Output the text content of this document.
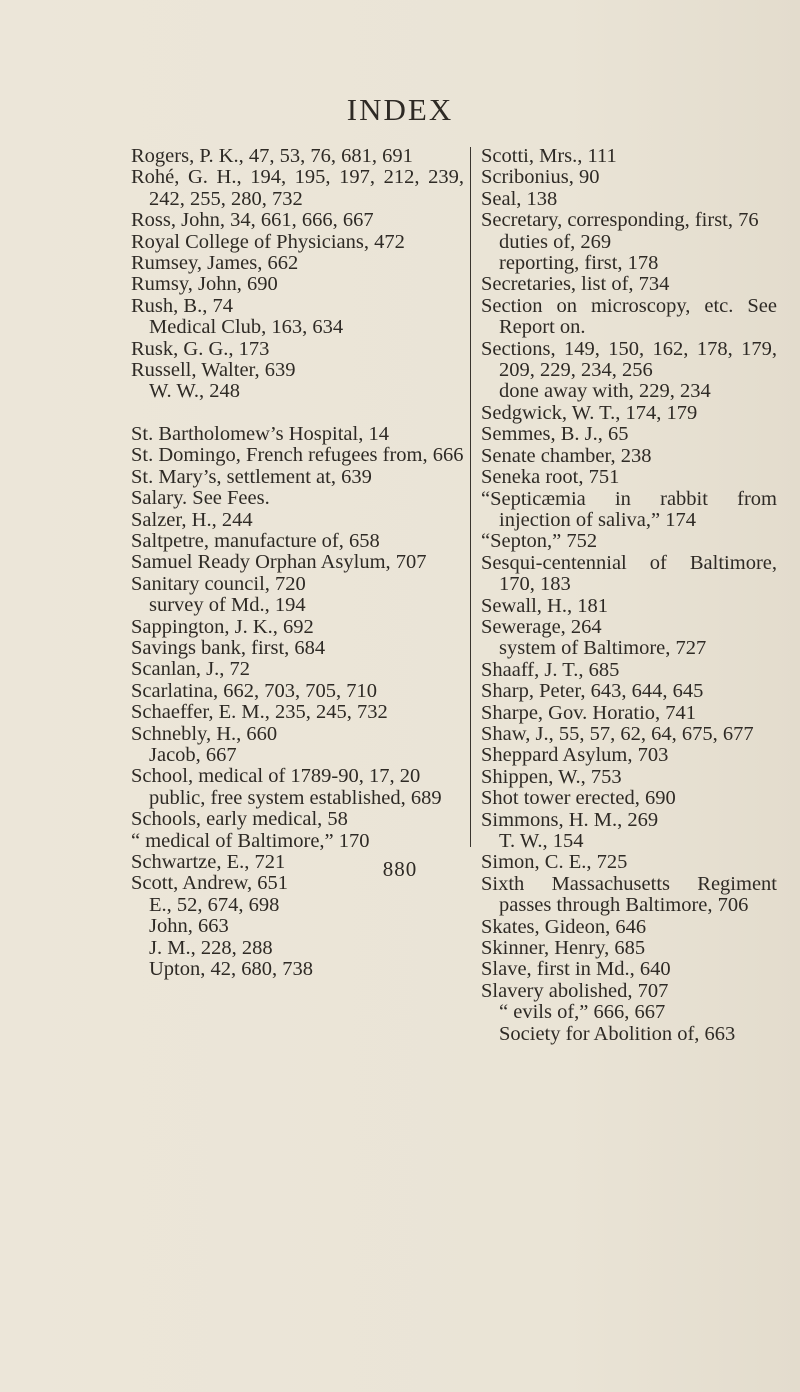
INDEX

Rogers, P. K., 47, 53, 76, 681, 691

Rohé, G. H., 194, 195, 197, 212, 239, 242, 255, 280, 732

Ross, John, 34, 661, 666, 667

Royal College of Physicians, 472

Rumsey, James, 662

Rumsy, John, 690

Rush, B., 74

Medical Club, 163, 634

Rusk, G. G., 173

Russell, Walter, 639

W. W., 248

St. Bartholomew’s Hospital, 14

St. Domingo, French refugees from, 666

St. Mary’s, settlement at, 639

Salary. See Fees.

Salzer, H., 244

Saltpetre, manufacture of, 658

Samuel Ready Orphan Asylum, 707

Sanitary council, 720

survey of Md., 194

Sappington, J. K., 692

Savings bank, first, 684

Scanlan, J., 72

Scarlatina, 662, 703, 705, 710

Schaeffer, E. M., 235, 245, 732

Schnebly, H., 660

Jacob, 667

School, medical of 1789-90, 17, 20

public, free system established, 689

Schools, early medical, 58

“ medical of Baltimore,” 170

Schwartze, E., 721

Scott, Andrew, 651

E., 52, 674, 698

John, 663

J. M., 228, 288

Upton, 42, 680, 738

Scotti, Mrs., 111

Scribonius, 90

Seal, 138

Secretary, corresponding, first, 76

duties of, 269

reporting, first, 178

Secretaries, list of, 734

Section on microscopy, etc. See Report on.

Sections, 149, 150, 162, 178, 179, 209, 229, 234, 256

done away with, 229, 234

Sedgwick, W. T., 174, 179

Semmes, B. J., 65

Senate chamber, 238

Seneka root, 751

“Septicæmia in rabbit from injection of saliva,” 174

“Septon,” 752

Sesqui-centennial of Baltimore, 170, 183

Sewall, H., 181

Sewerage, 264

system of Baltimore, 727

Shaaff, J. T., 685

Sharp, Peter, 643, 644, 645

Sharpe, Gov. Horatio, 741

Shaw, J., 55, 57, 62, 64, 675, 677

Sheppard Asylum, 703

Shippen, W., 753

Shot tower erected, 690

Simmons, H. M., 269

T. W., 154

Simon, C. E., 725

Sixth Massachusetts Regiment passes through Baltimore, 706

Skates, Gideon, 646

Skinner, Henry, 685

Slave, first in Md., 640

Slavery abolished, 707

“ evils of,” 666, 667

Society for Abolition of, 663

880
